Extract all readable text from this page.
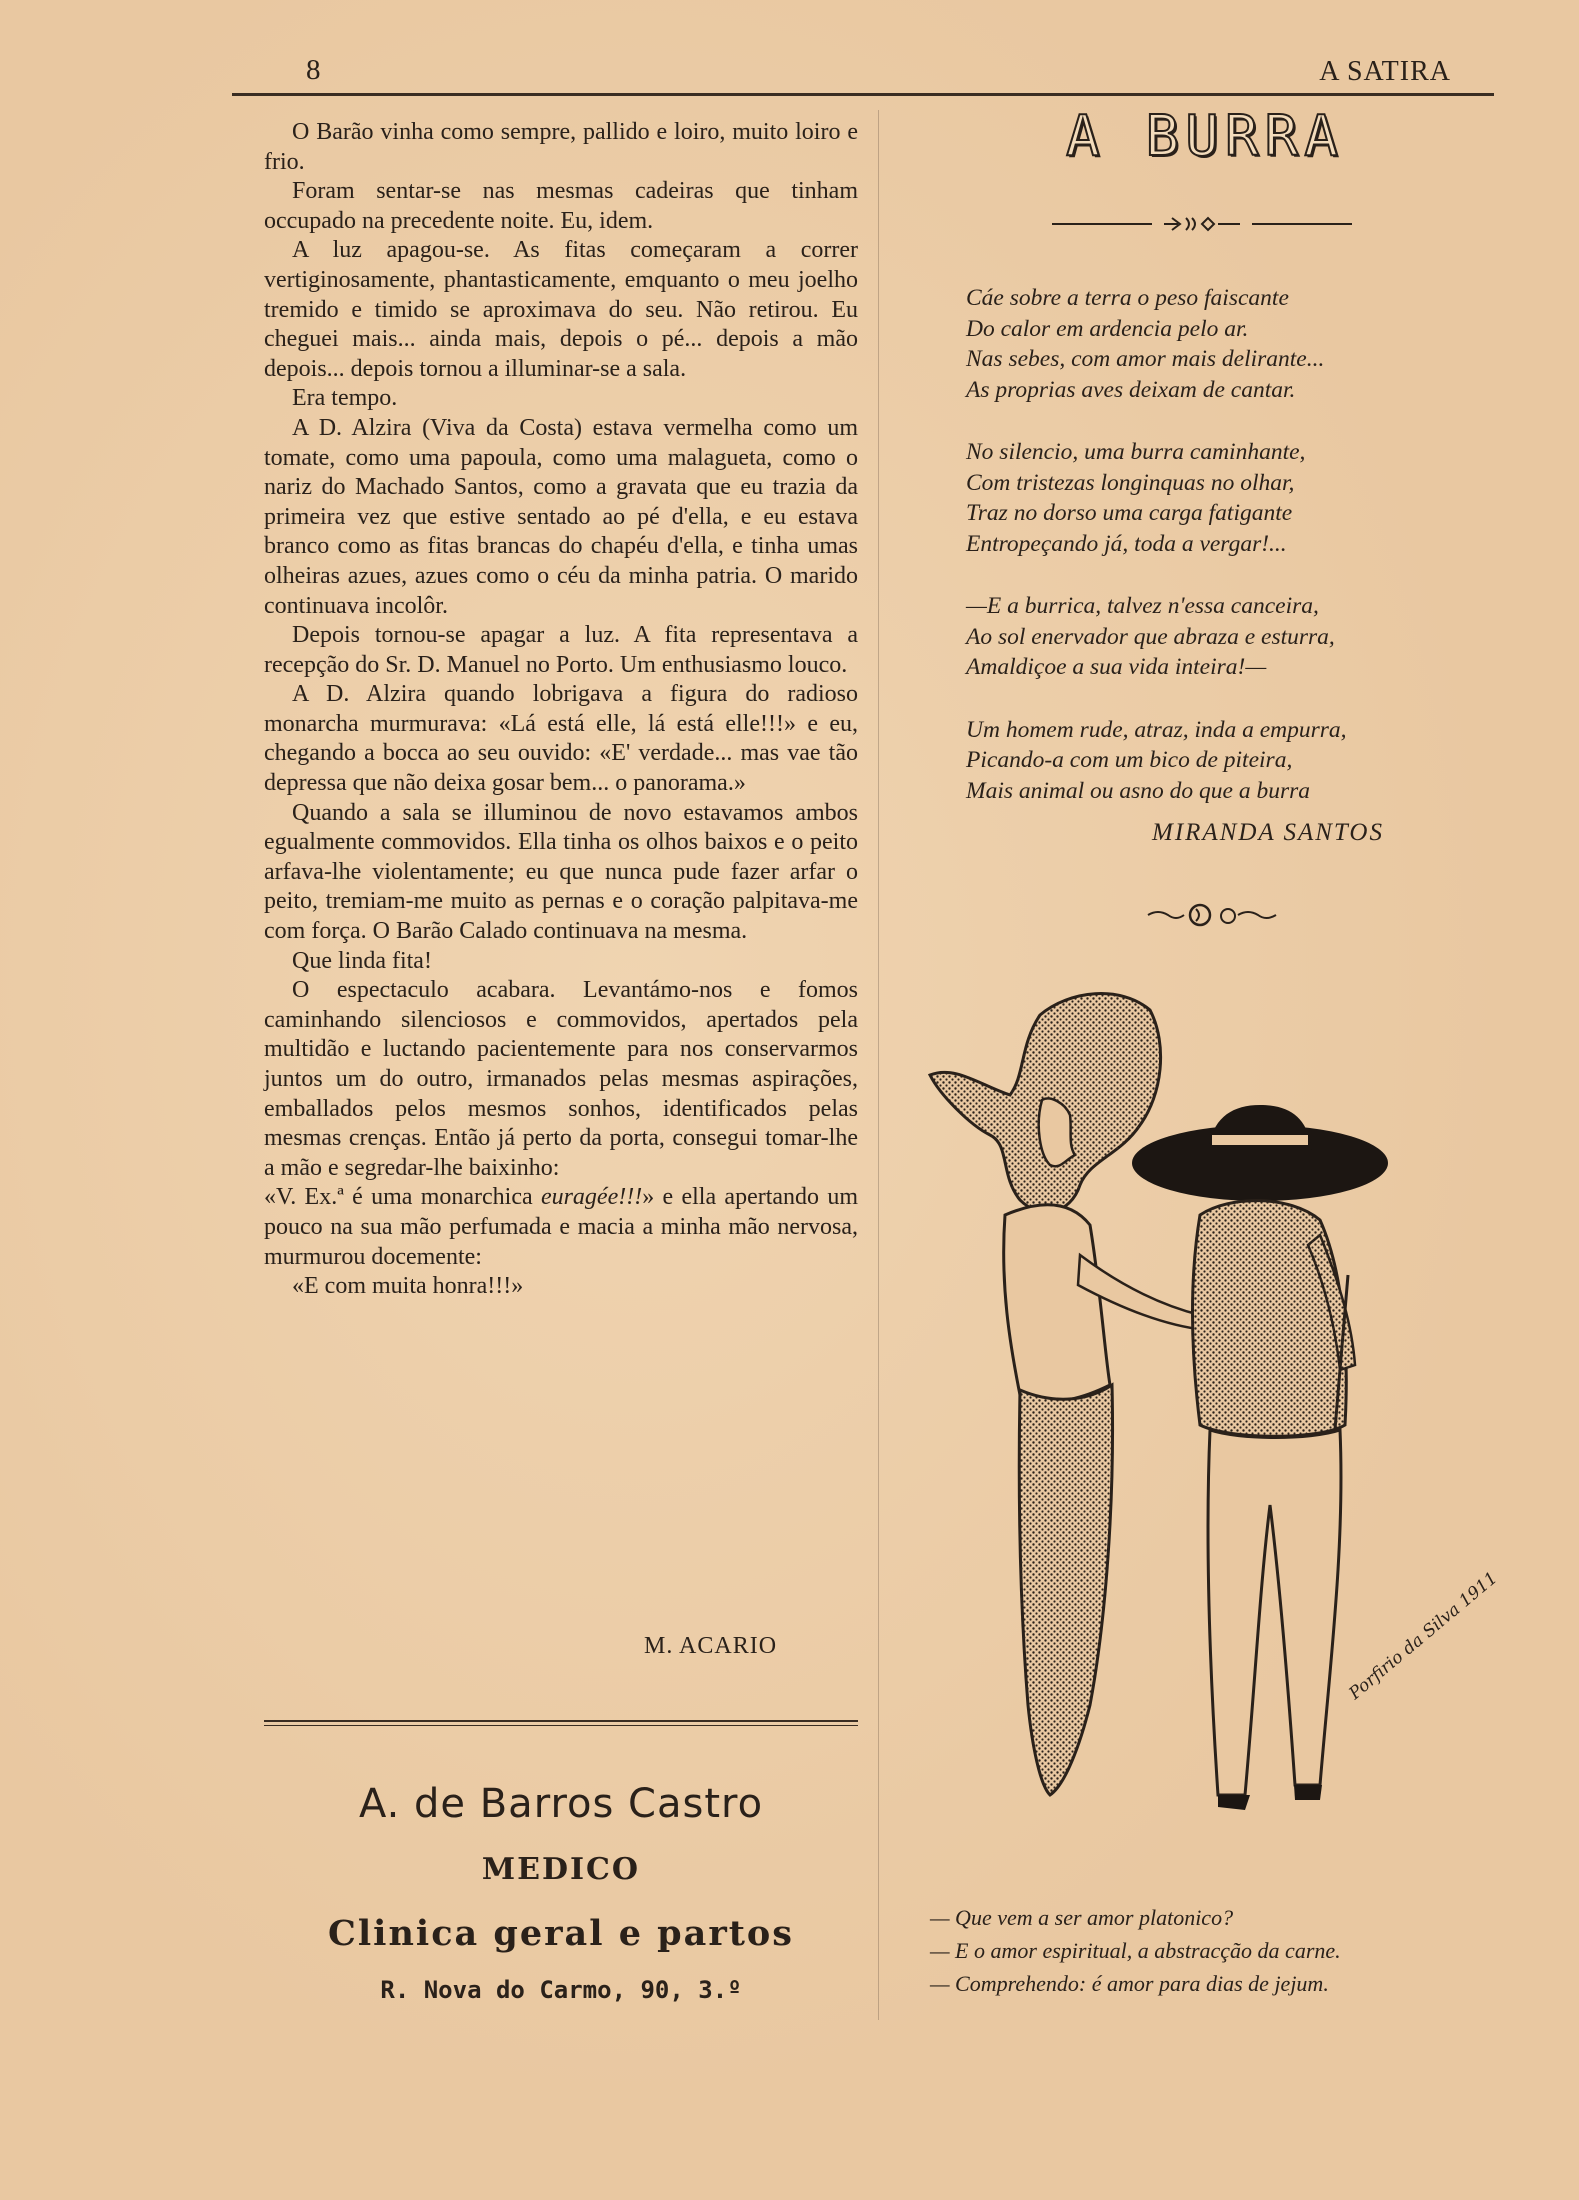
8	A SATIRA

O Barão vinha como sempre, pallido e loiro, muito loiro e frio.

Foram sentar-se nas mesmas cadeiras que tinham occupado na precedente noite. Eu, idem.

A luz apagou-se. As fitas começaram a correr vertiginosamente, phantasticamente, emquanto o meu joelho tremido e timido se aproximava do seu. Não retirou. Eu cheguei mais... ainda mais, depois o pé... depois a mão depois... depois tornou a illuminar-se a sala.

Era tempo.

A D. Alzira (Viva da Costa) estava vermelha como um tomate, como uma papoula, como uma malagueta, como o nariz do Machado Santos, como a gravata que eu trazia da primeira vez que estive sentado ao pé d'ella, e eu estava branco como as fitas brancas do chapéu d'ella, e tinha umas olheiras azues, azues como o céu da minha patria. O marido continuava incolôr.

Depois tornou-se apagar a luz. A fita representava a recepção do Sr. D. Manuel no Porto. Um enthusiasmo louco.

A D. Alzira quando lobrigava a figura do radioso monarcha murmurava: «Lá está elle, lá está elle!!!» e eu, chegando a bocca ao seu ouvido: «E' verdade... mas vae tão depressa que não deixa gosar bem... o panorama.»

Quando a sala se illuminou de novo estavamos ambos egualmente commovidos. Ella tinha os olhos baixos e o peito arfava-lhe violentamente; eu que nunca pude fazer arfar o peito, tremiam-me muito as pernas e o coração palpitava-me com força. O Barão Calado continuava na mesma.

Que linda fita!

O espectaculo acabara. Levantámo-nos e fomos caminhando silenciosos e commovidos, apertados pela multidão e luctando pacientemente para nos conservarmos juntos um do outro, irmanados pelas mesmas aspirações, emballados pelos mesmos sonhos, identificados pelas mesmas crenças. Então já perto da porta, consegui tomar-lhe a mão e segredar-lhe baixinho:

«V. Ex.ª é uma monarchica euragée!!!» e ella apertando um pouco na sua mão perfumada e macia a minha mão nervosa, murmurou docemente:

«E com muita honra!!!»

M. ACARIO
A. de Barros Castro
MEDICO
Clinica geral e partos
R. Nova do Carmo, 90, 3.º
A BURRA
Cáe sobre a terra o peso faiscante
Do calor em ardencia pelo ar.
Nas sebes, com amor mais delirante...
As proprias aves deixam de cantar.
No silencio, uma burra caminhante,
Com tristezas longinquas no olhar,
Traz no dorso uma carga fatigante
Entropeçando já, toda a vergar!...
—E a burrica, talvez n'essa canceira,
Ao sol enervador que abraza e esturra,
Amaldiçoe a sua vida inteira!—
Um homem rude, atraz, inda a empurra,
Picando-a com um bico de piteira,
Mais animal ou asno do que a burra
MIRANDA SANTOS
Porfirio da Silva 1911
— Que vem a ser amor platonico?
— E o amor espiritual, a abstracção da carne.
— Comprehendo: é amor para dias de jejum.
